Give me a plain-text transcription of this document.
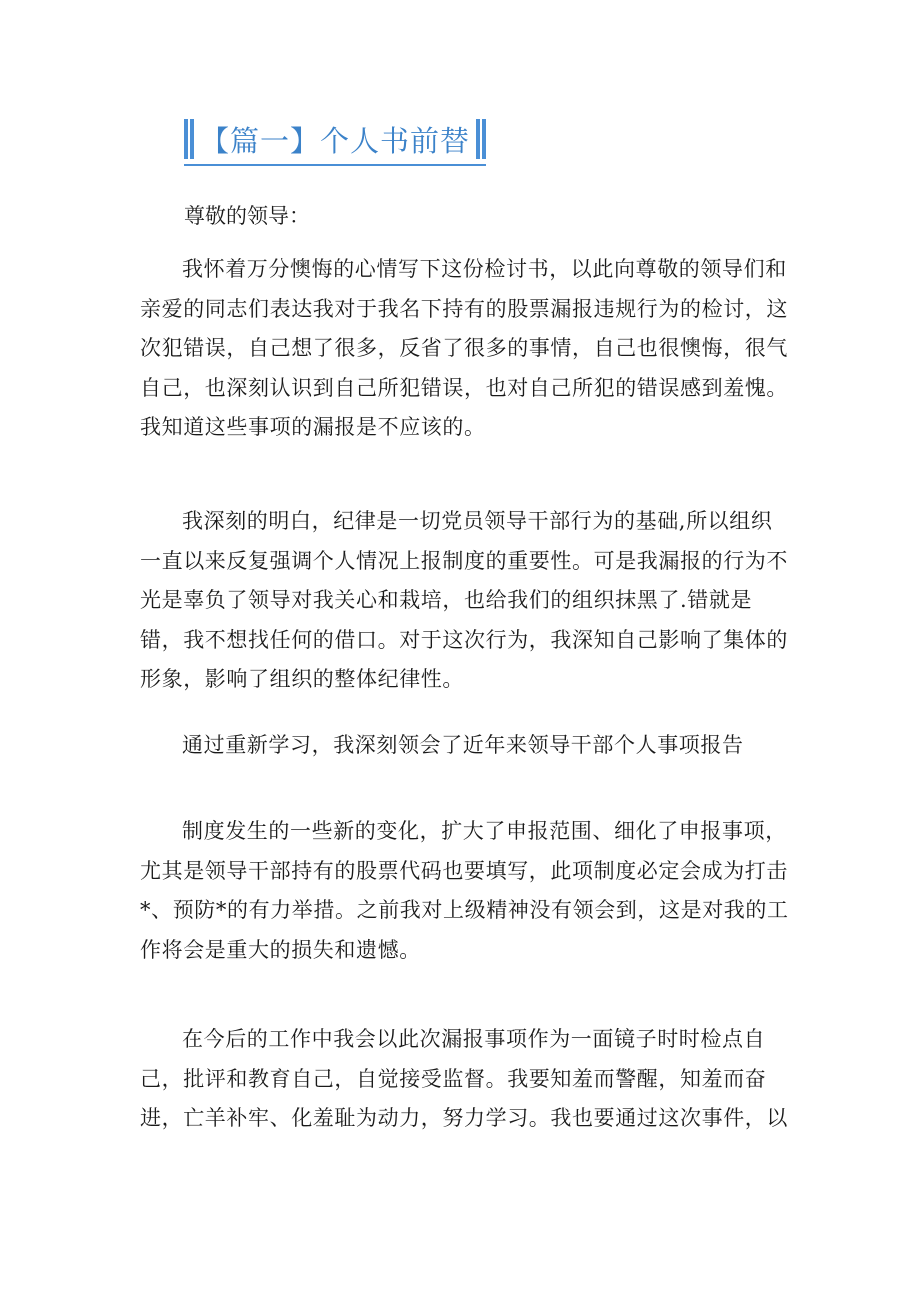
【篇一】个人书前替
尊敬的领导：
我怀着万分懊悔的心情写下这份检讨书，以此向尊敬的领导们和
亲爱的同志们表达我对于我名下持有的股票漏报违规行为的检讨，这
次犯错误，自己想了很多，反省了很多的事情，自己也很懊悔，很气
自己，也深刻认识到自己所犯错误，也对自己所犯的错误感到羞愧。
我知道这些事项的漏报是不应该的。
我深刻的明白，纪律是一切党员领导干部行为的基础,所以组织
一直以来反复强调个人情况上报制度的重要性。可是我漏报的行为不
光是辜负了领导对我关心和栽培，也给我们的组织抹黑了.错就是
错，我不想找任何的借口。对于这次行为，我深知自己影响了集体的
形象，影响了组织的整体纪律性。
通过重新学习，我深刻领会了近年来领导干部个人事项报告
制度发生的一些新的变化，扩大了申报范围、细化了申报事项，
尤其是领导干部持有的股票代码也要填写，此项制度必定会成为打击
*、预防*的有力举措。之前我对上级精神没有领会到，这是对我的工
作将会是重大的损失和遗憾。
在今后的工作中我会以此次漏报事项作为一面镜子时时检点自
己，批评和教育自己，自觉接受监督。我要知羞而警醒，知羞而奋
进，亡羊补牢、化羞耻为动力，努力学习。我也要通过这次事件，以
